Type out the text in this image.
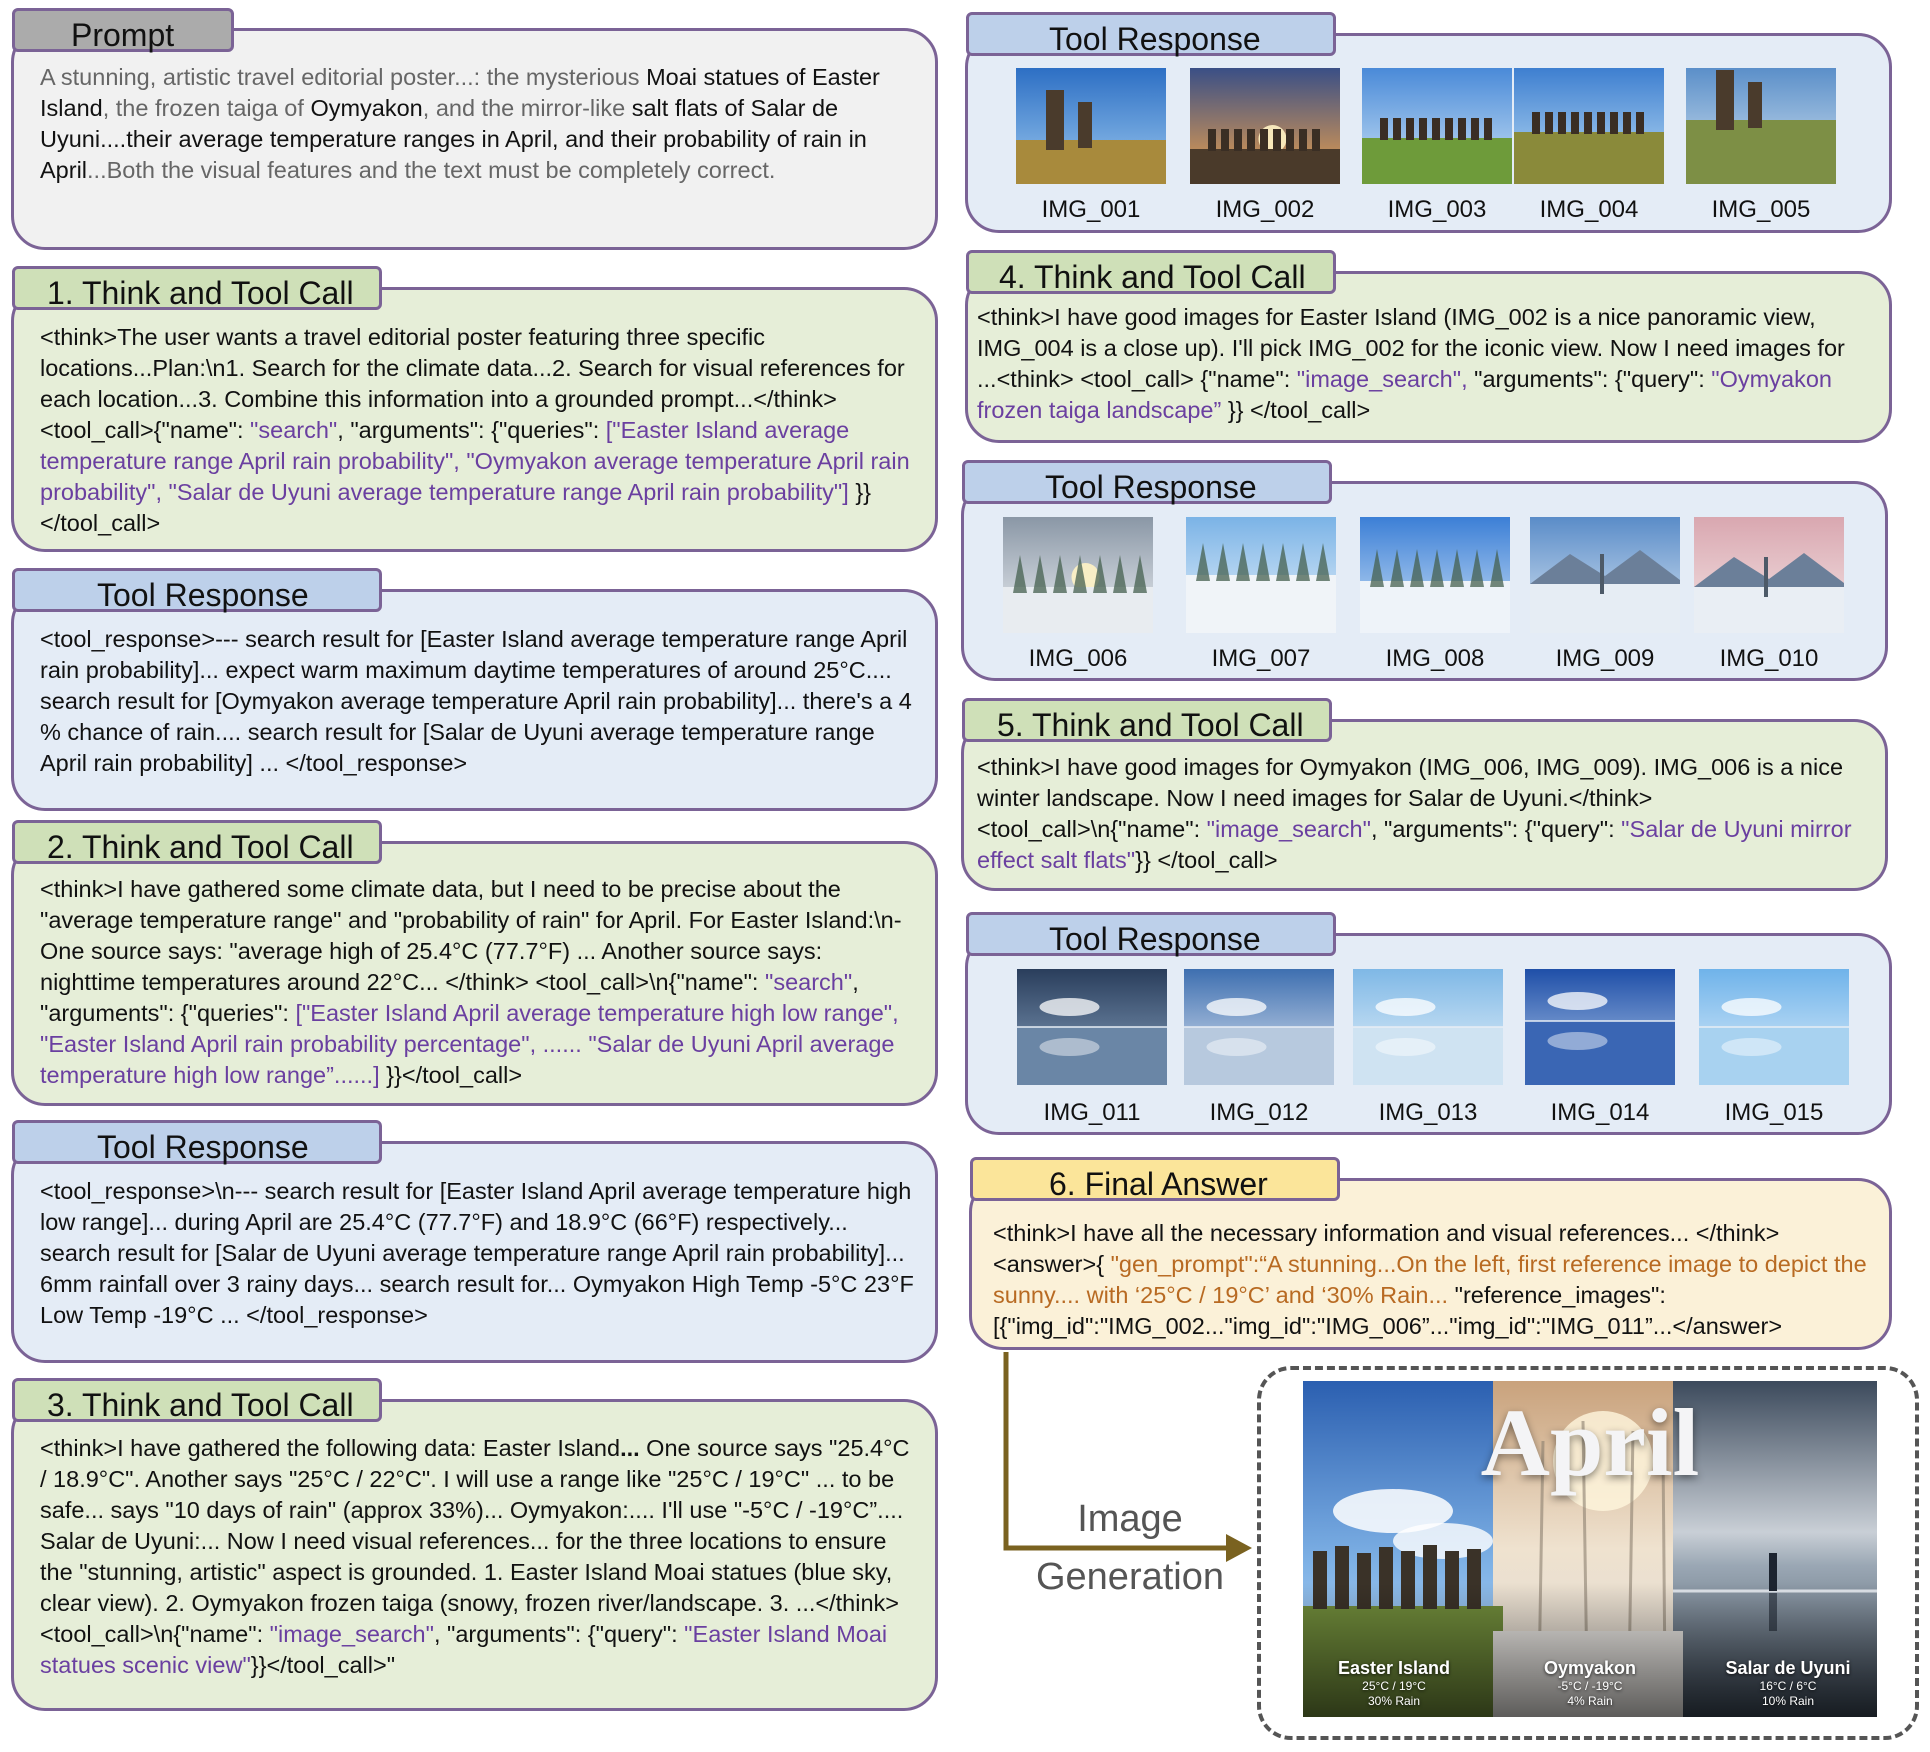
Prompt
A stunning, artistic travel editorial poster...: the mysterious Moai statues of Easter Island, the frozen taiga of Oymyakon, and the mirror-like salt flats of Salar de Uyuni....their average temperature ranges in April, and their probability of rain in April...Both the visual features and the text must be completely correct.
1. Think and Tool Call
<think>The user wants a travel editorial poster featuring three specific locations...Plan:\n1. Search for the climate data...2. Search for visual references for each location...3. Combine this information into a grounded prompt...</think> <tool_call>{"name": "search", "arguments": {"queries": ["Easter Island average temperature range April rain probability", "Oymyakon average temperature April rain probability", "Salar de Uyuni average temperature range April rain probability"] }}</tool_call>
Tool Response
<tool_response>--- search result for [Easter Island average temperature range April rain probability]... expect warm maximum daytime temperatures of around 25°C.... search result for [Oymyakon average temperature April rain probability]... there's a 4 % chance of rain.... search result for [Salar de Uyuni average temperature range April rain probability] ... </tool_response>
2. Think and Tool Call
<think>I have gathered some climate data, but I need to be precise about the "average temperature range" and "probability of rain" for April. For Easter Island:\n- One source says: "average high of 25.4°C (77.7°F) ... Another source says: nighttime temperatures around 22°C... </think> <tool_call>\n{"name": "search", "arguments": {"queries": ["Easter Island April average temperature high low range", "Easter Island April rain probability percentage", ...... "Salar de Uyuni April average temperature high low range”......] }}</tool_call>
Tool Response
<tool_response>\n--- search result for [Easter Island April average temperature high low range]... during April are 25.4°C (77.7°F) and 18.9°C (66°F) respectively... search result for [Salar de Uyuni average temperature range April rain probability]... 6mm rainfall over 3 rainy days... search result for... Oymyakon High Temp -5°C 23°F Low Temp -19°C ... </tool_response>
3. Think and Tool Call
<think>I have gathered the following data: Easter Island... One source says "25.4°C / 18.9°C". Another says "25°C / 22°C". I will use a range like "25°C / 19°C" ... to be safe... says "10 days of rain" (approx 33%)... Oymyakon:.... I'll use "-5°C / -19°C”.... Salar de Uyuni:... Now I need visual references... for the three locations to ensure the "stunning, artistic" aspect is grounded. 1. Easter Island Moai statues (blue sky, clear view). 2. Oymyakon frozen taiga (snowy, frozen river/landscape. 3. ...</think> <tool_call>\n{"name": "image_search", "arguments": {"query": "Easter Island Moai statues scenic view"}}</tool_call>"
Tool Response
IMG_001	IMG_002	IMG_003	IMG_004	IMG_005
4. Think and Tool Call
<think>I have good images for Easter Island (IMG_002 is a nice panoramic view, IMG_004 is a close up). I'll pick IMG_002 for the iconic view. Now I need images for ...<think> <tool_call> {"name": "image_search", "arguments": {"query": "Oymyakon frozen taiga landscape” }} </tool_call>
Tool Response
IMG_006	IMG_007	IMG_008	IMG_009	IMG_010
5. Think and Tool Call
<think>I have good images for Oymyakon (IMG_006, IMG_009). IMG_006 is a nice winter landscape. Now I need images for Salar de Uyuni.</think> <tool_call>\n{"name": "image_search", "arguments": {"query": "Salar de Uyuni mirror effect salt flats"}} </tool_call>
Tool Response
IMG_011	IMG_012	IMG_013	IMG_014	IMG_015
6. Final Answer
<think>I have all the necessary information and visual references... </think> <answer>{ "gen_prompt":“A stunning...On the left, first reference image to depict the sunny.... with ‘25°C / 19°C’ and ‘30% Rain... "reference_images": [{"img_id":"IMG_002..."img_id":"IMG_006”..."img_id":"IMG_011”...</answer>
Image
Generation
April
Easter Island
25°C / 19°C
30% Rain
Oymyakon
-5°C / -19°C
4% Rain
Salar de Uyuni
16°C / 6°C
10% Rain
